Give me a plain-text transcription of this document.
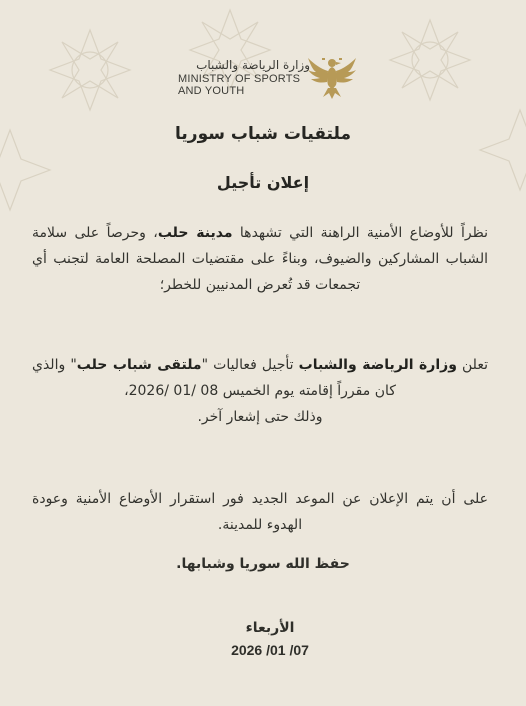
وزارة الرياضة والشباب
MINISTRY OF SPORTS
AND YOUTH
ملتقيات شباب سوريا
إعلان تأجيل
نظراً للأوضاع الأمنية الراهنة التي تشهدها مدينة حلب، وحرصاً على سلامة الشباب المشاركين والضيوف، وبناءً على مقتضيات المصلحة العامة لتجنب أي تجمعات قد تُعرض المدنيين للخطر؛
تعلن وزارة الرياضة والشباب تأجيل فعاليات "ملتقى شباب حلب" والذي كان مقرراً إقامته يوم الخميس 08 /01 /2026،
وذلك حتى إشعار آخر.
على أن يتم الإعلان عن الموعد الجديد فور استقرار الأوضاع الأمنية وعودة الهدوء للمدينة.
حفظ الله سوريا وشبابها.
الأربعاء
2026 /01 /07
